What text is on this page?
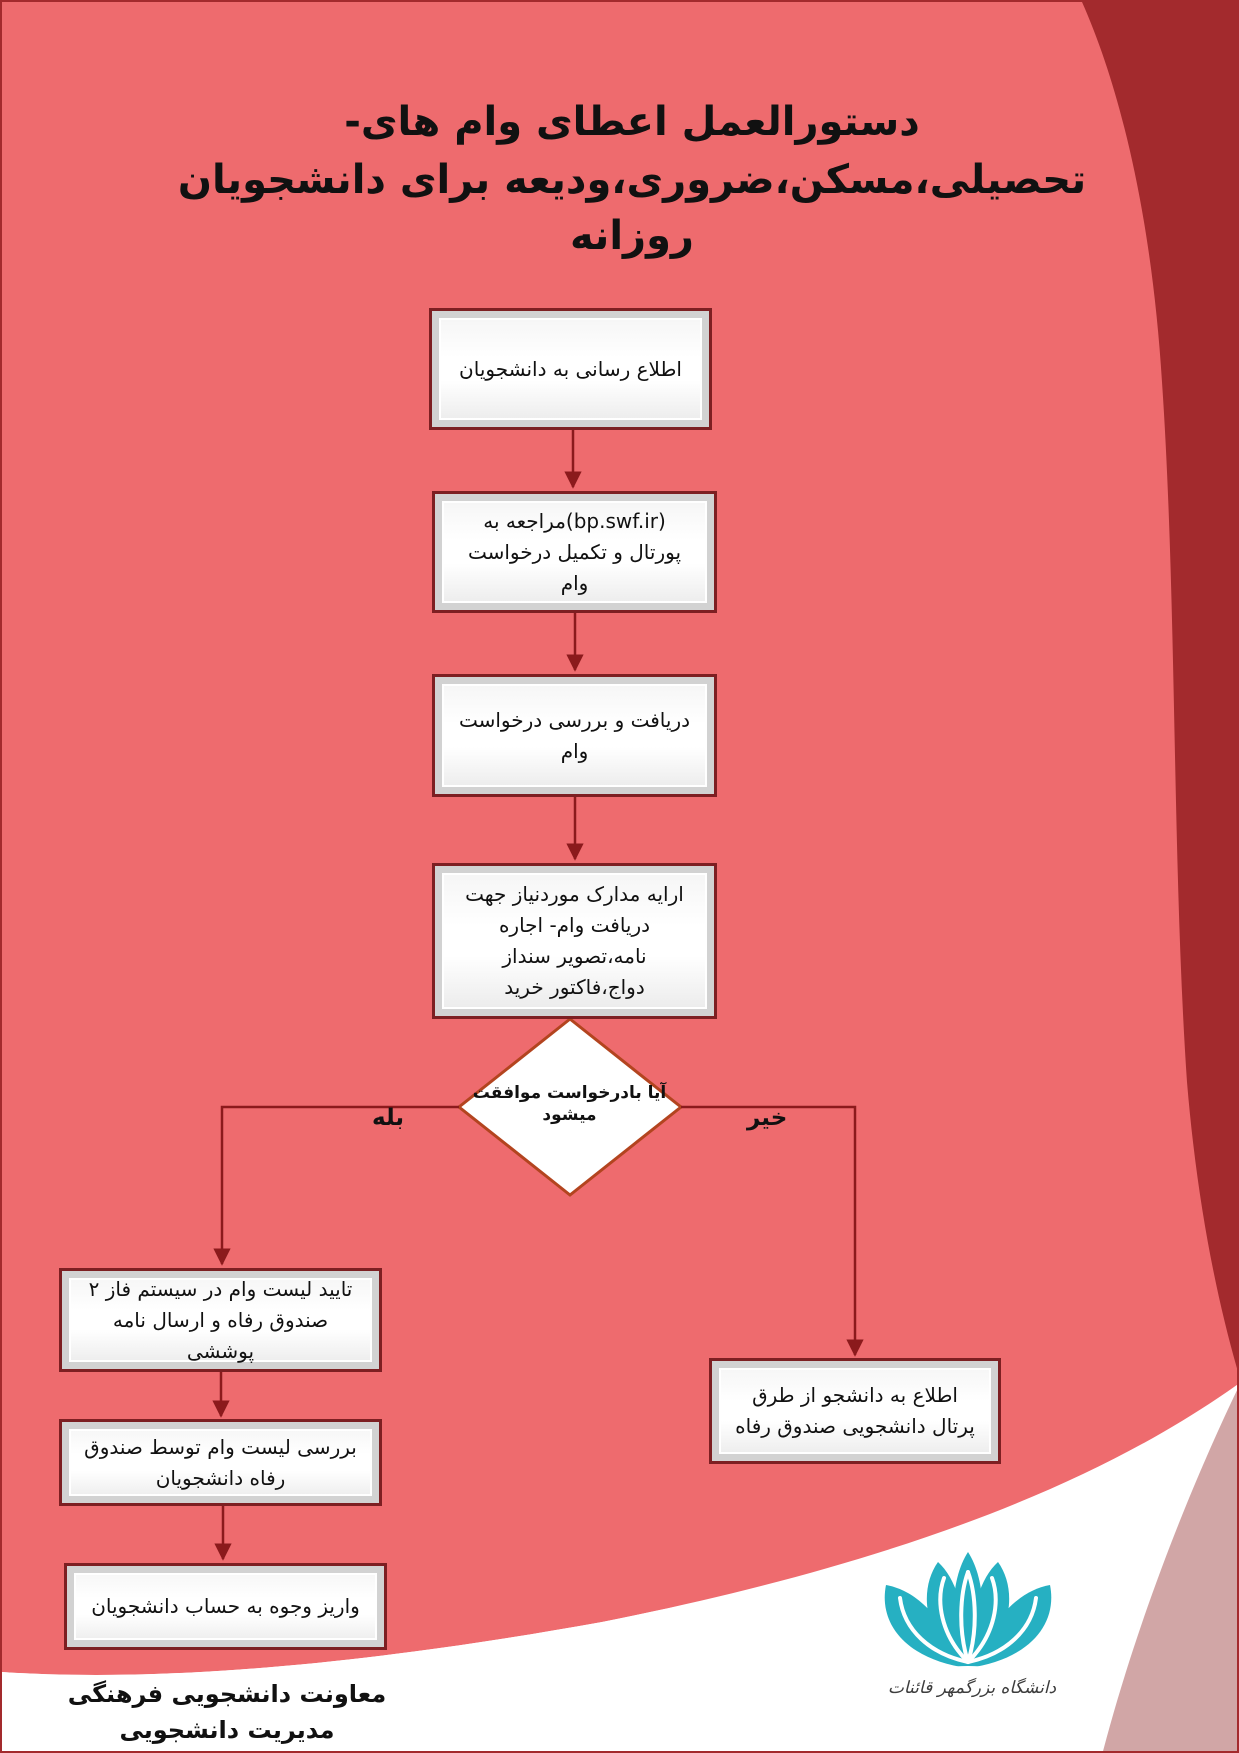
دستورالعمل اعطای وام های-
تحصیلی،مسکن،ضروری،ودیعه برای دانشجویان روزانه
اطلاع رسانی به دانشجویان
(bp.swf.ir)مراجعه به پورتال و تکمیل درخواست وام
دریافت و بررسی درخواست وام
ارایه مدارک موردنیاز جهت دریافت وام- اجاره نامه،تصویر سنداز دواج،فاکتور خرید
آیا بادرخواست موافقت میشود
بله	خیر
تایید لیست وام در سیستم فاز ۲ صندوق رفاه و ارسال نامه پوششی
بررسی لیست وام توسط صندوق رفاه دانشجویان
واریز وجوه به حساب دانشجویان
اطلاع به دانشجو از طرق پرتال دانشجویی صندوق رفاه
معاونت دانشجویی فرهنگی
مدیریت دانشجویی
دانشگاه بزرگمهر قائنات
